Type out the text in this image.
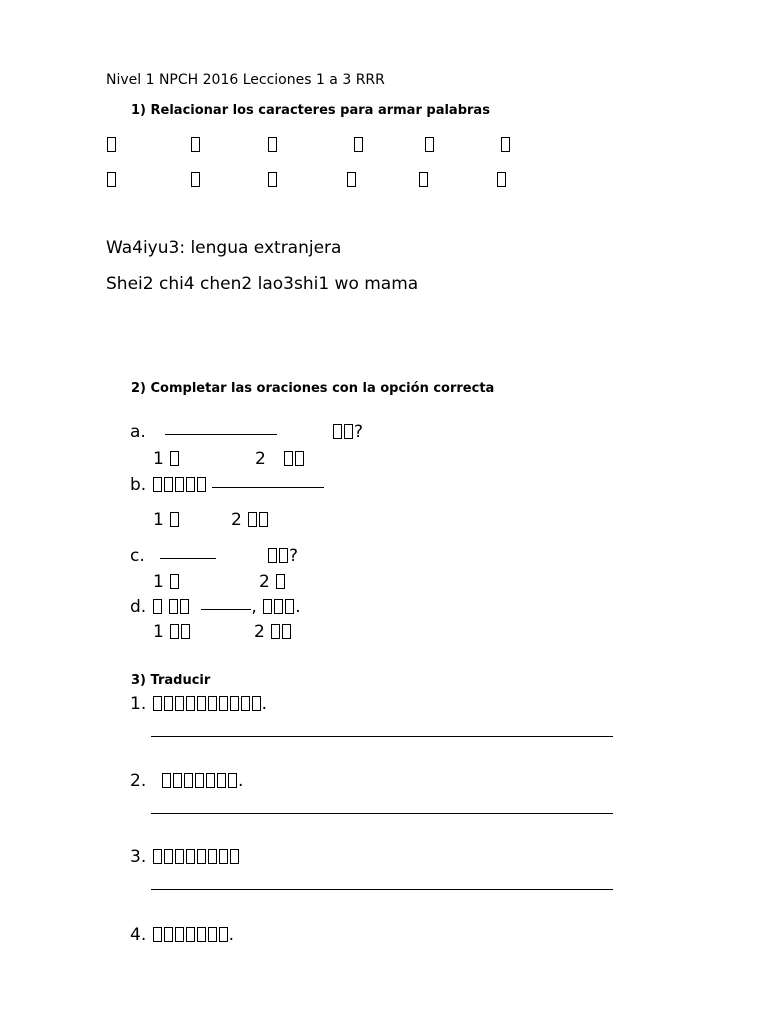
Nivel 1 NPCH 2016 Lecciones 1 a 3 RRR
1) Relacionar los caracteres para armar palabras
Wa4iyu3: lengua extranjera
Shei2 chi4 chen2 lao3shi1 wo mama
2) Completar las oraciones con la opción correcta
a.	?
1	2
b.
1	2
c.	?
1	2
d.	, .
1	2
3) Traducir
1.	.
2.	.
3.
4.	.
